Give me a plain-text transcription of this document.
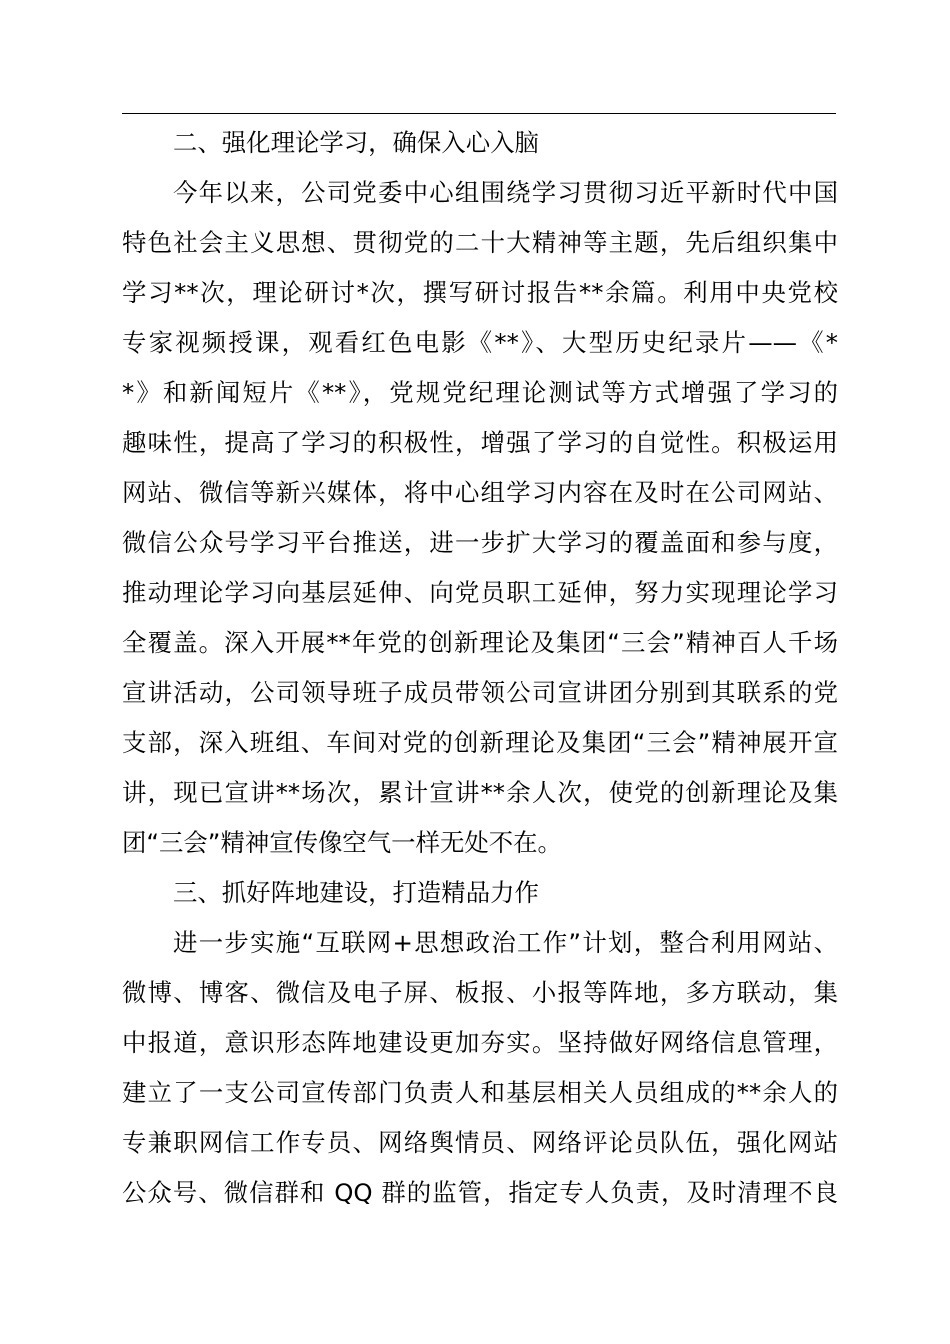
二、强化理论学习，确保入心入脑
今年以来，公司党委中心组围绕学习贯彻习近平新时代中国
特色社会主义思想、贯彻党的二十大精神等主题，先后组织集中
学习**次，理论研讨*次，撰写研讨报告**余篇。利用中央党校
专家视频授课，观看红色电影《**》、大型历史纪录片——《*
*》和新闻短片《**》，党规党纪理论测试等方式增强了学习的
趣味性，提高了学习的积极性，增强了学习的自觉性。积极运用
网站、微信等新兴媒体，将中心组学习内容在及时在公司网站、
微信公众号学习平台推送，进一步扩大学习的覆盖面和参与度，
推动理论学习向基层延伸、向党员职工延伸，努力实现理论学习
全覆盖。深入开展**年党的创新理论及集团“三会”精神百人千场
宣讲活动，公司领导班子成员带领公司宣讲团分别到其联系的党
支部，深入班组、车间对党的创新理论及集团“三会”精神展开宣
讲，现已宣讲**场次，累计宣讲**余人次，使党的创新理论及集
团“三会”精神宣传像空气一样无处不在。
三、抓好阵地建设，打造精品力作
进一步实施“互联网+思想政治工作”计划，整合利用网站、
微博、博客、微信及电子屏、板报、小报等阵地，多方联动，集
中报道，意识形态阵地建设更加夯实。坚持做好网络信息管理，
建立了一支公司宣传部门负责人和基层相关人员组成的**余人的
专兼职网信工作专员、网络舆情员、网络评论员队伍，强化网站
公众号、微信群和 QQ 群的监管，指定专人负责，及时清理不良
